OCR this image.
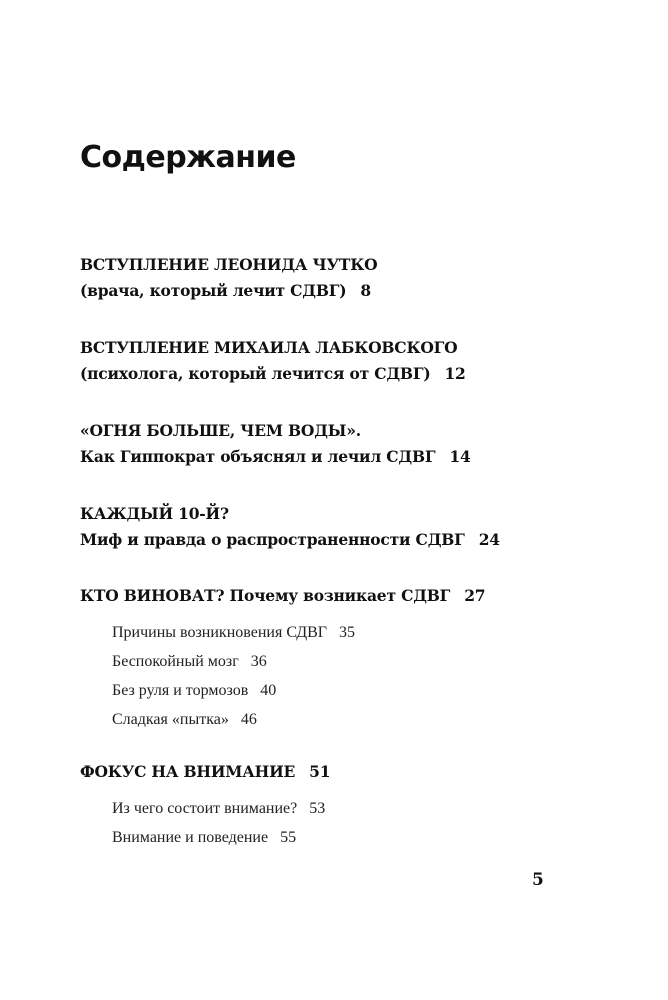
Содержание
ВСТУПЛЕНИЕ ЛЕОНИДА ЧУТКО
(врача, который лечит СДВГ) 8
ВСТУПЛЕНИЕ МИХАИЛА ЛАБКОВСКОГО
(психолога, который лечится от СДВГ) 12
«ОГНЯ БОЛЬШЕ, ЧЕМ ВОДЫ».
Как Гиппократ объяснял и лечил СДВГ 14
КАЖДЫЙ 10-Й?
Миф и правда о распространенности СДВГ 24
КТО ВИНОВАТ? Почему возникает СДВГ 27
Причины возникновения СДВГ 35
Беспокойный мозг 36
Без руля и тормозов 40
Сладкая «пытка» 46
ФОКУС НА ВНИМАНИЕ 51
Из чего состоит внимание? 53
Внимание и поведение 55
5
